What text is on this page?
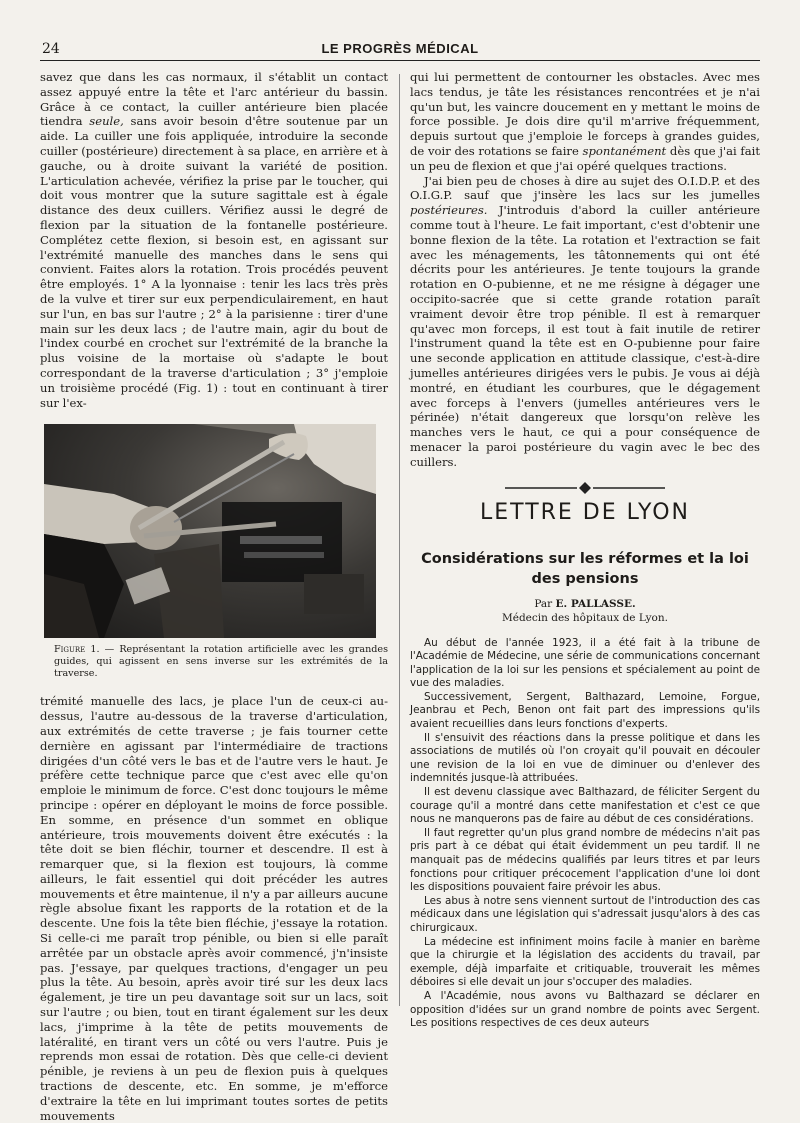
24	LE PROGRÈS MÉDICAL

savez que dans les cas normaux, il s'établit un contact assez appuyé entre la tête et l'arc antérieur du bassin. Grâce à ce contact, la cuiller antérieure bien placée tiendra seule, sans avoir besoin d'être soutenue par un aide. La cuiller une fois appliquée, introduire la seconde cuiller (postérieure) directement à sa place, en arrière et à gauche, ou à droite suivant la variété de position. L'articulation achevée, vérifiez la prise par le toucher, qui doit vous montrer que la suture sagittale est à égale distance des deux cuillers. Vérifiez aussi le degré de flexion par la situation de la fontanelle postérieure. Complétez cette flexion, si besoin est, en agissant sur l'extrémité manuelle des manches dans le sens qui convient. Faites alors la rotation. Trois procédés peuvent être employés. 1° A la lyonnaise : tenir les lacs très près de la vulve et tirer sur eux perpendiculairement, en haut sur l'un, en bas sur l'autre ; 2° à la parisienne : tirer d'une main sur les deux lacs ; de l'autre main, agir du bout de l'index courbé en crochet sur l'extrémité de la branche la plus voisine de la mortaise où s'adapte le bout correspondant de la traverse d'articulation ; 3° j'emploie un troisième procédé (Fig. 1) : tout en continuant à tirer sur l'ex-

Figure 1. — Représentant la rotation artificielle avec les grandes guides, qui agissent en sens inverse sur les extrémités de la traverse.

trémité manuelle des lacs, je place l'un de ceux-ci au-dessus, l'autre au-dessous de la traverse d'articulation, aux extrémités de cette traverse ; je fais tourner cette dernière en agissant par l'intermédiaire de tractions dirigées d'un côté vers le bas et de l'autre vers le haut. Je préfère cette technique parce que c'est avec elle qu'on emploie le minimum de force. C'est donc toujours le même principe : opérer en déployant le moins de force possible. En somme, en présence d'un sommet en oblique antérieure, trois mouvements doivent être exécutés : la tête doit se bien fléchir, tourner et descendre. Il est à remarquer que, si la flexion est toujours, là comme ailleurs, le fait essentiel qui doit précéder les autres mouvements et être maintenue, il n'y a par ailleurs aucune règle absolue fixant les rapports de la rotation et de la descente. Une fois la tête bien fléchie, j'essaye la rotation. Si celle-ci me paraît trop pénible, ou bien si elle paraît arrêtée par un obstacle après avoir commencé, j'n'insiste pas. J'essaye, par quelques tractions, d'engager un peu plus la tête. Au besoin, après avoir tiré sur les deux lacs également, je tire un peu davantage soit sur un lacs, soit sur l'autre ; ou bien, tout en tirant également sur les deux lacs, j'imprime à la tête de petits mouvements de latéralité, en tirant vers un côté ou vers l'autre. Puis je reprends mon essai de rotation. Dès que celle-ci devient pénible, je reviens à un peu de flexion puis à quelques tractions de descente, etc. En somme, je m'efforce d'extraire la tête en lui imprimant toutes sortes de petits mouvements

qui lui permettent de contourner les obstacles. Avec mes lacs tendus, je tâte les résistances rencontrées et je n'ai qu'un but, les vaincre doucement en y mettant le moins de force possible. Je dois dire qu'il m'arrive fréquemment, depuis surtout que j'emploie le forceps à grandes guides, de voir des rotations se faire spontanément dès que j'ai fait un peu de flexion et que j'ai opéré quelques tractions.

J'ai bien peu de choses à dire au sujet des O.I.D.P. et des O.I.G.P. sauf que j'insère les lacs sur les jumelles postérieures. J'introduis d'abord la cuiller antérieure comme tout à l'heure. Le fait important, c'est d'obtenir une bonne flexion de la tête. La rotation et l'extraction se fait avec les ménagements, les tâtonnements qui ont été décrits pour les antérieures. Je tente toujours la grande rotation en O-pubienne, et ne me résigne à dégager une occipito-sacrée que si cette grande rotation paraît vraiment devoir être trop pénible. Il est à remarquer qu'avec mon forceps, il est tout à fait inutile de retirer l'instrument quand la tête est en O-pubienne pour faire une seconde application en attitude classique, c'est-à-dire jumelles antérieures dirigées vers le pubis. Je vous ai déjà montré, en étudiant les courbures, que le dégagement avec forceps à l'envers (jumelles antérieures vers le périnée) n'était dangereux que lorsqu'on relève les manches vers le haut, ce qui a pour conséquence de menacer la paroi postérieure du vagin avec le bec des cuillers.

LETTRE DE LYON
Considérations sur les réformes et la loi des pensions
Par E. PALLASSE.
Médecin des hôpitaux de Lyon.

Au début de l'année 1923, il a été fait à la tribune de l'Académie de Médecine, une série de communications concernant l'application de la loi sur les pensions et spécialement au point de vue des maladies.

Successivement, Sergent, Balthazard, Lemoine, Forgue, Jeanbrau et Pech, Benon ont fait part des impressions qu'ils avaient recueillies dans leurs fonctions d'experts.

Il s'ensuivit des réactions dans la presse politique et dans les associations de mutilés où l'on croyait qu'il pouvait en découler une revision de la loi en vue de diminuer ou d'enlever des indemnités jusque-là attribuées.

Il est devenu classique avec Balthazard, de féliciter Sergent du courage qu'il a montré dans cette manifestation et c'est ce que nous ne manquerons pas de faire au début de ces considérations.

Il faut regretter qu'un plus grand nombre de médecins n'ait pas pris part à ce débat qui était évidemment un peu tardif. Il ne manquait pas de médecins qualifiés par leurs titres et par leurs fonctions pour critiquer précocement l'application d'une loi dont les dispositions pouvaient faire prévoir les abus.

Les abus à notre sens viennent surtout de l'introduction des cas médicaux dans une législation qui s'adressait jusqu'alors à des cas chirurgicaux.

La médecine est infiniment moins facile à manier en barème que la chirurgie et la législation des accidents du travail, par exemple, déjà imparfaite et critiquable, trouverait les mêmes déboires si elle devait un jour s'occuper des maladies.

A l'Académie, nous avons vu Balthazard se déclarer en opposition d'idées sur un grand nombre de points avec Sergent. Les positions respectives de ces deux auteurs
